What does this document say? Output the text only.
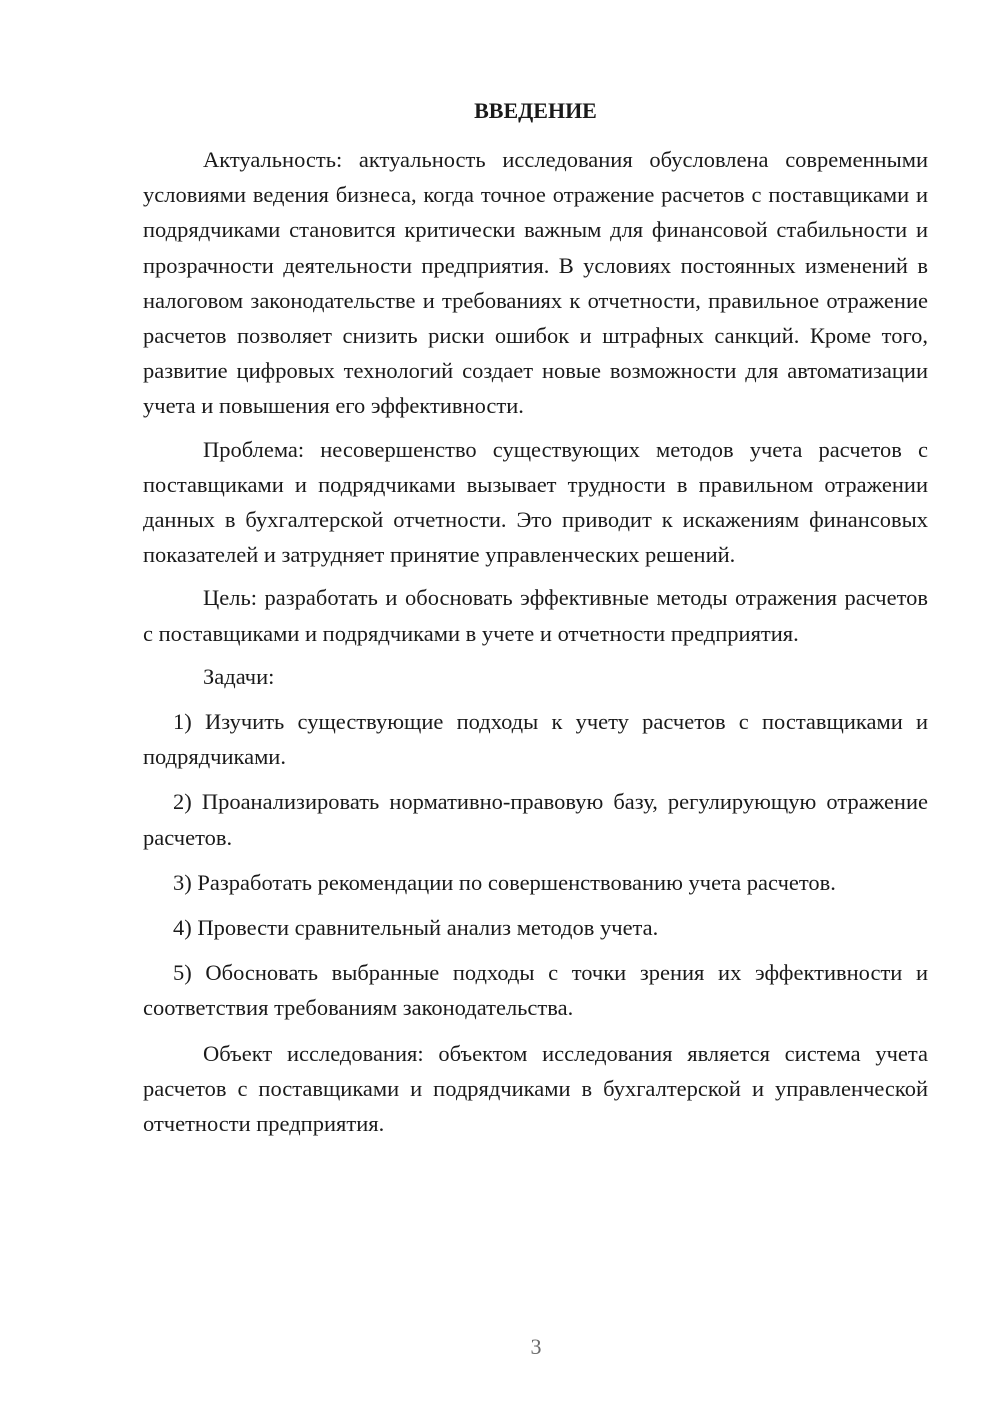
ВВЕДЕНИЕ

Актуальность: актуальность исследования обусловлена современными условиями ведения бизнеса, когда точное отражение расчетов с поставщиками и подрядчиками становится критически важным для финансовой стабильности и прозрачности деятельности предприятия. В условиях постоянных изменений в налоговом законодательстве и требованиях к отчетности, правильное отражение расчетов позволяет снизить риски ошибок и штрафных санкций. Кроме того, развитие цифровых технологий создает новые возможности для автоматизации учета и повышения его эффективности.

Проблема: несовершенство существующих методов учета расчетов с поставщиками и подрядчиками вызывает трудности в правильном отражении данных в бухгалтерской отчетности. Это приводит к искажениям финансовых показателей и затрудняет принятие управленческих решений.

Цель: разработать и обосновать эффективные методы отражения расчетов с поставщиками и подрядчиками в учете и отчетности предприятия.

Задачи:

1) Изучить существующие подходы к учету расчетов с поставщиками и подрядчиками.

2) Проанализировать нормативно-правовую базу, регулирующую отражение расчетов.

3) Разработать рекомендации по совершенствованию учета расчетов.

4) Провести сравнительный анализ методов учета.

5) Обосновать выбранные подходы с точки зрения их эффективности и соответствия требованиям законодательства.

Объект исследования: объектом исследования является система учета расчетов с поставщиками и подрядчиками в бухгалтерской и управленческой отчетности предприятия.

3
